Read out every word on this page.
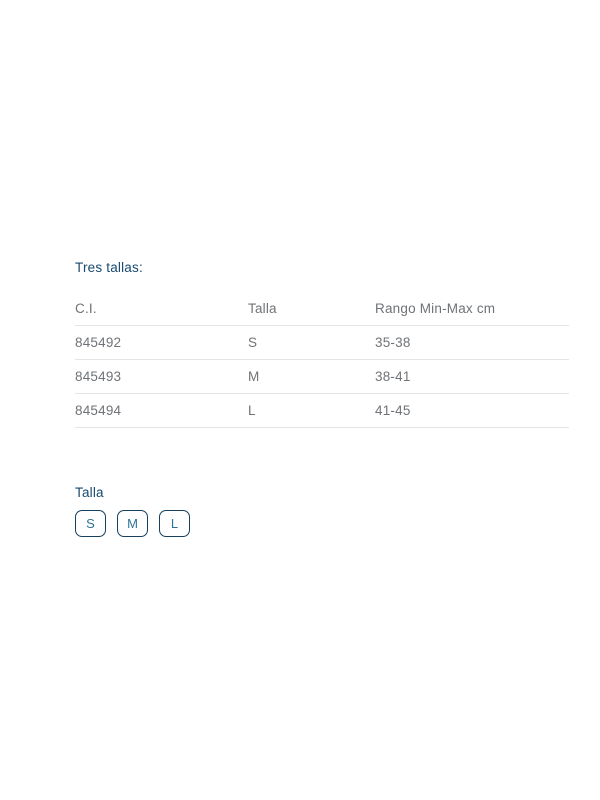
Tres tallas:
C.I.	Talla	Rango Min-Max cm
845492	S	35-38
845493	M	38-41
845494	L	41-45
Talla
S	M	L
